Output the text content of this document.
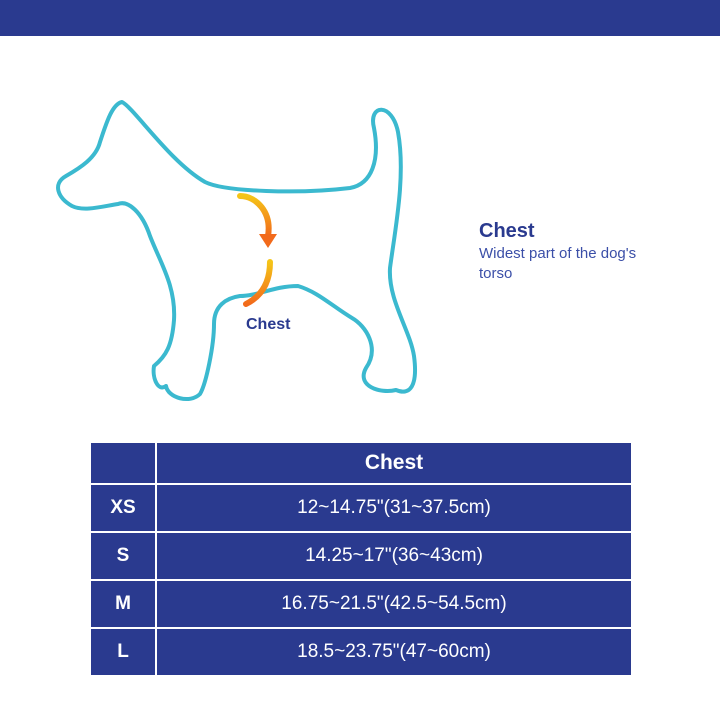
Chest
Chest
Widest part of the dog's torso
	Chest
XS	12~14.75"(31~37.5cm)
S	14.25~17"(36~43cm)
M	16.75~21.5"(42.5~54.5cm)
L	18.5~23.75"(47~60cm)
